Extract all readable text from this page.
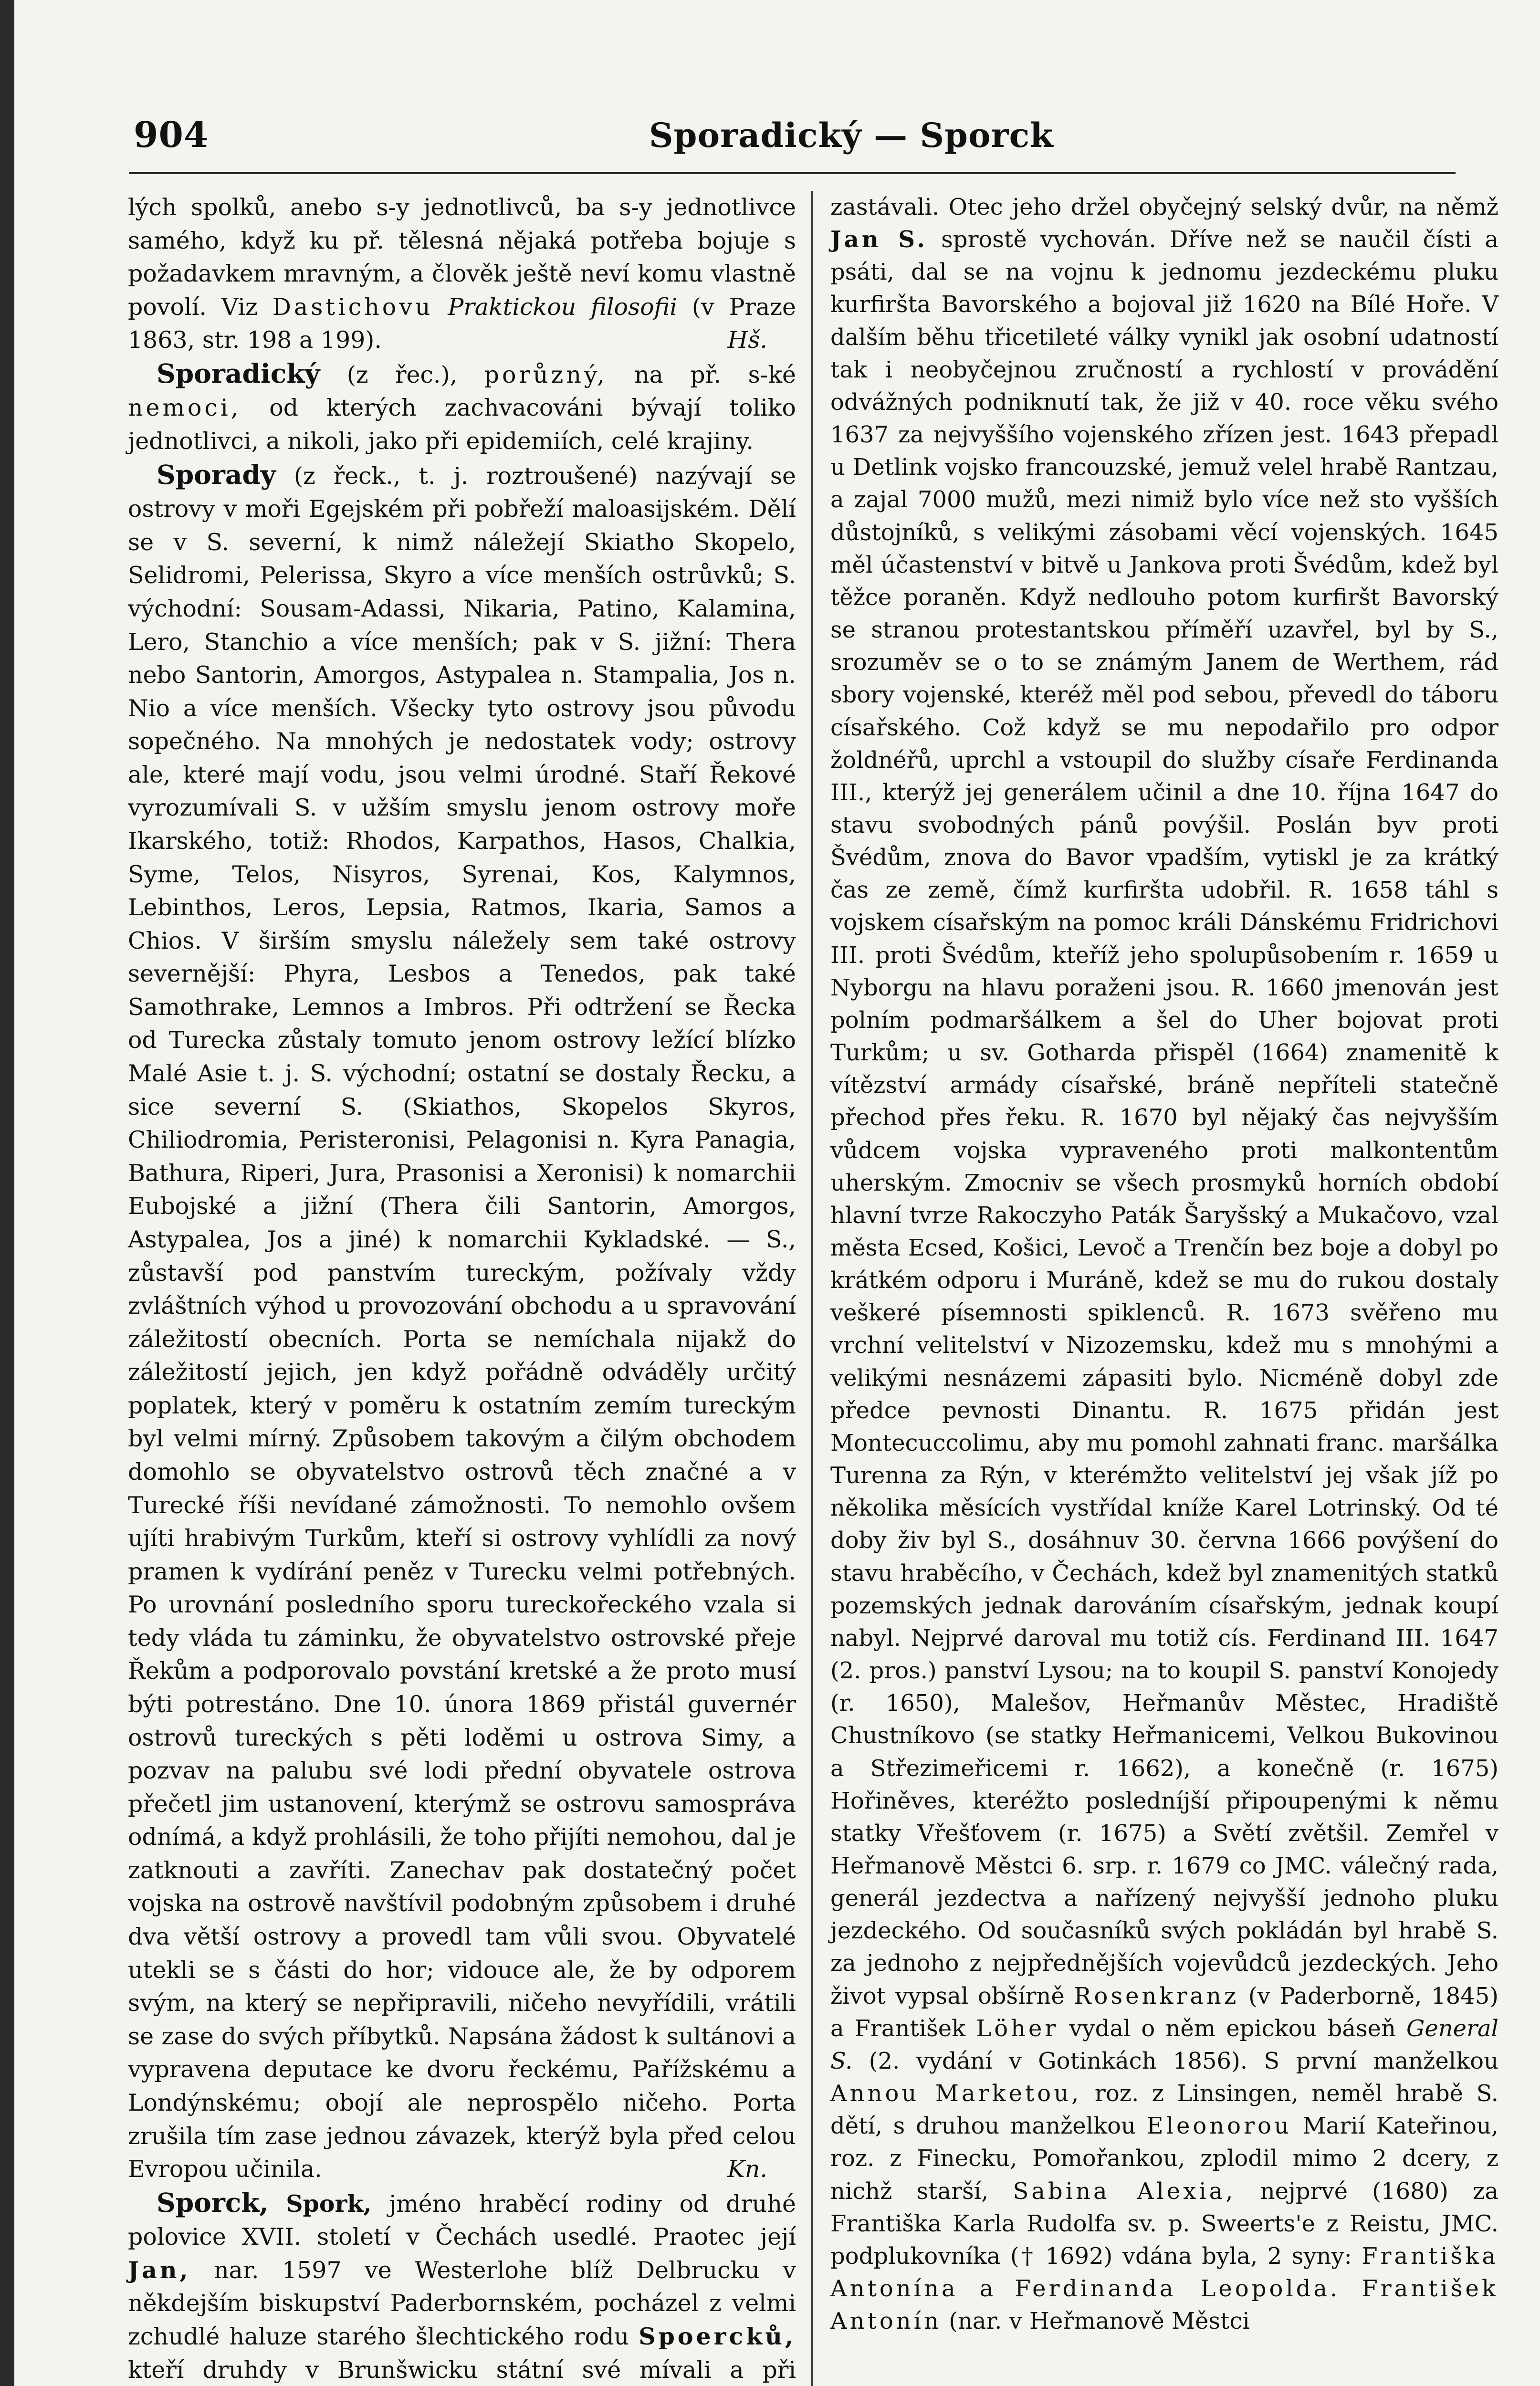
904	Sporadický — Sporck

lých spolků, anebo s-y jednotlivců, ba s-y jednotlivce samého, když ku př. tělesná nějaká potřeba bojuje s požadavkem mravným, a člověk ještě neví komu vlastně povolí. Viz Dastichovu Praktickou filosofii (v Praze 1863, str. 198 a 199).	Hš.

Sporadický (z řec.), porůzný, na př. s-ké nemoci, od kterých zachvacováni bývají toliko jednotlivci, a nikoli, jako při epidemiích, celé krajiny.

Sporady (z řeck., t. j. roztroušené) nazývají se ostrovy v moři Egejském při pobřeží maloasijském. Dělí se v S. severní, k nimž náležejí Skiatho Skopelo, Selidromi, Pelerissa, Skyro a více menších ostrůvků; S. východní: Sousam-Adassi, Nikaria, Patino, Kalamina, Lero, Stanchio a více menších; pak v S. jižní: Thera nebo Santorin, Amorgos, Astypalea n. Stampalia, Jos n. Nio a více menších. Všecky tyto ostrovy jsou původu sopečného. Na mnohých je nedostatek vody; ostrovy ale, které mají vodu, jsou velmi úrodné. Staří Řekové vyrozumívali S. v užším smyslu jenom ostrovy moře Ikarského, totiž: Rhodos, Karpathos, Hasos, Chalkia, Syme, Telos, Nisyros, Syrenai, Kos, Kalymnos, Lebinthos, Leros, Lepsia, Ratmos, Ikaria, Samos a Chios. V širším smyslu náležely sem také ostrovy severnější: Phyra, Lesbos a Tenedos, pak také Samothrake, Lemnos a Imbros. Při odtržení se Řecka od Turecka zůstaly tomuto jenom ostrovy ležící blízko Malé Asie t. j. S. východní; ostatní se dostaly Řecku, a sice severní S. (Skiathos, Skopelos Skyros, Chiliodromia, Peristeronisi, Pelagonisi n. Kyra Panagia, Bathura, Riperi, Jura, Prasonisi a Xeronisi) k nomarchii Eubojské a jižní (Thera čili Santorin, Amorgos, Astypalea, Jos a jiné) k nomarchii Kykladské. — S., zůstavší pod panstvím tureckým, požívaly vždy zvláštních výhod u provozování obchodu a u spravování záležitostí obecních. Porta se nemíchala nijakž do záležitostí jejich, jen když pořádně odváděly určitý poplatek, který v poměru k ostatním zemím tureckým byl velmi mírný. Způsobem takovým a čilým obchodem domohlo se obyvatelstvo ostrovů těch značné a v Turecké říši nevídané zámožnosti. To nemohlo ovšem ujíti hrabivým Turkům, kteří si ostrovy vyhlídli za nový pramen k vydírání peněz v Turecku velmi potřebných. Po urovnání posledního sporu tureckořeckého vzala si tedy vláda tu záminku, že obyvatelstvo ostrovské přeje Řekům a podporovalo povstání kretské a že proto musí býti potrestáno. Dne 10. února 1869 přistál guvernér ostrovů tureckých s pěti loděmi u ostrova Simy, a pozvav na palubu své lodi přední obyvatele ostrova přečetl jim ustanovení, kterýmž se ostrovu samospráva odnímá, a když prohlásili, že toho přijíti nemohou, dal je zatknouti a zavříti. Zanechav pak dostatečný počet vojska na ostrově navštívil podobným způsobem i druhé dva větší ostrovy a provedl tam vůli svou. Obyvatelé utekli se s části do hor; vidouce ale, že by odporem svým, na který se nepřipravili, ničeho nevyřídili, vrátili se zase do svých příbytků. Napsána žádost k sultánovi a vypravena deputace ke dvoru řeckému, Pařížskému a Londýnskému; obojí ale neprospělo ničeho. Porta zrušila tím zase jednou závazek, kterýž byla před celou Evropou učinila.	Kn.

Sporck, Spork, jméno hraběcí rodiny od druhé polovice XVII. století v Čechách usedlé. Praotec její Jan, nar. 1597 ve Westerlohe blíž Delbrucku v někdejším biskupství Paderbornském, pocházel z velmi zchudlé haluze starého šlechtického rodu Spoercků, kteří druhdy v Brunšwicku státní své mívali a při

zastávali. Otec jeho držel obyčejný selský dvůr, na němž Jan S. sprostě vychován. Dříve než se naučil čísti a psáti, dal se na vojnu k jednomu jezdeckému pluku kurfiršta Bavorského a bojoval již 1620 na Bílé Hoře. V dalším běhu třicetileté války vynikl jak osobní udatností tak i neobyčejnou zručností a rychlostí v provádění odvážných podniknutí tak, že již v 40. roce věku svého 1637 za nejvyššího vojenského zřízen jest. 1643 přepadl u Detlink vojsko francouzské, jemuž velel hrabě Rantzau, a zajal 7000 mužů, mezi nimiž bylo více než sto vyšších důstojníků, s velikými zásobami věcí vojenských. 1645 měl účastenství v bitvě u Jankova proti Švédům, kdež byl těžce poraněn. Když nedlouho potom kurfiršt Bavorský se stranou protestantskou příměří uzavřel, byl by S., srozuměv se o to se známým Janem de Werthem, rád sbory vojenské, kteréž měl pod sebou, převedl do táboru císařského. Což když se mu nepodařilo pro odpor žoldnéřů, uprchl a vstoupil do služby císaře Ferdinanda III., kterýž jej generálem učinil a dne 10. října 1647 do stavu svobodných pánů povýšil. Poslán byv proti Švédům, znova do Bavor vpadším, vytiskl je za krátký čas ze země, čímž kurfiršta udobřil. R. 1658 táhl s vojskem císařským na pomoc králi Dánskému Fridrichovi III. proti Švédům, kteříž jeho spolupůsobením r. 1659 u Nyborgu na hlavu poraženi jsou. R. 1660 jmenován jest polním podmaršálkem a šel do Uher bojovat proti Turkům; u sv. Gotharda přispěl (1664) znamenitě k vítězství armády císařské, bráně nepříteli statečně přechod přes řeku. R. 1670 byl nějaký čas nejvyšším vůdcem vojska vypraveného proti malkontentům uherským. Zmocniv se všech prosmyků horních období hlavní tvrze Rakoczyho Paták Šaryšský a Mukačovo, vzal města Ecsed, Košici, Levoč a Trenčín bez boje a dobyl po krátkém odporu i Muráně, kdež se mu do rukou dostaly veškeré písemnosti spiklenců. R. 1673 svěřeno mu vrchní velitelství v Nizozemsku, kdež mu s mnohými a velikými nesnázemi zápasiti bylo. Nicméně dobyl zde předce pevnosti Dinantu. R. 1675 přidán jest Montecuccolimu, aby mu pomohl zahnati franc. maršálka Turenna za Rýn, v kterémžto velitelství jej však jíž po několika měsících vystřídal kníže Karel Lotrinský. Od té doby živ byl S., dosáhnuv 30. června 1666 povýšení do stavu hraběcího, v Čechách, kdež byl znamenitých statků pozemských jednak darováním císařským, jednak koupí nabyl. Nejprvé daroval mu totiž cís. Ferdinand III. 1647 (2. pros.) panství Lysou; na to koupil S. panství Konojedy (r. 1650), Malešov, Heřmanův Městec, Hradiště Chustníkovo (se statky Heřmanicemi, Velkou Bukovinou a Střezimeřicemi r. 1662), a konečně (r. 1675) Hořiněves, kteréžto posledníjší připoupenými k němu statky Vřešťovem (r. 1675) a Světí zvětšil. Zemřel v Heřmanově Městci 6. srp. r. 1679 co JMC. válečný rada, generál jezdectva a nařízený nejvyšší jednoho pluku jezdeckého. Od současníků svých pokládán byl hrabě S. za jednoho z nejpřednějších vojevůdců jezdeckých. Jeho život vypsal obšírně Rosenkranz (v Paderborně, 1845) a František Löher vydal o něm epickou báseň General S. (2. vydání v Gotinkách 1856). S první manželkou Annou Marketou, roz. z Linsingen, neměl hrabě S. dětí, s druhou manželkou Eleonorou Marií Kateřinou, roz. z Finecku, Pomořankou, zplodil mimo 2 dcery, z nichž starší, Sabina Alexia, nejprvé (1680) za Františka Karla Rudolfa sv. p. Sweerts'e z Reistu, JMC. podplukovníka († 1692) vdána byla, 2 syny: Františka Antonína a Ferdinanda Leopolda. František Antonín (nar. v Heřmanově Městci
